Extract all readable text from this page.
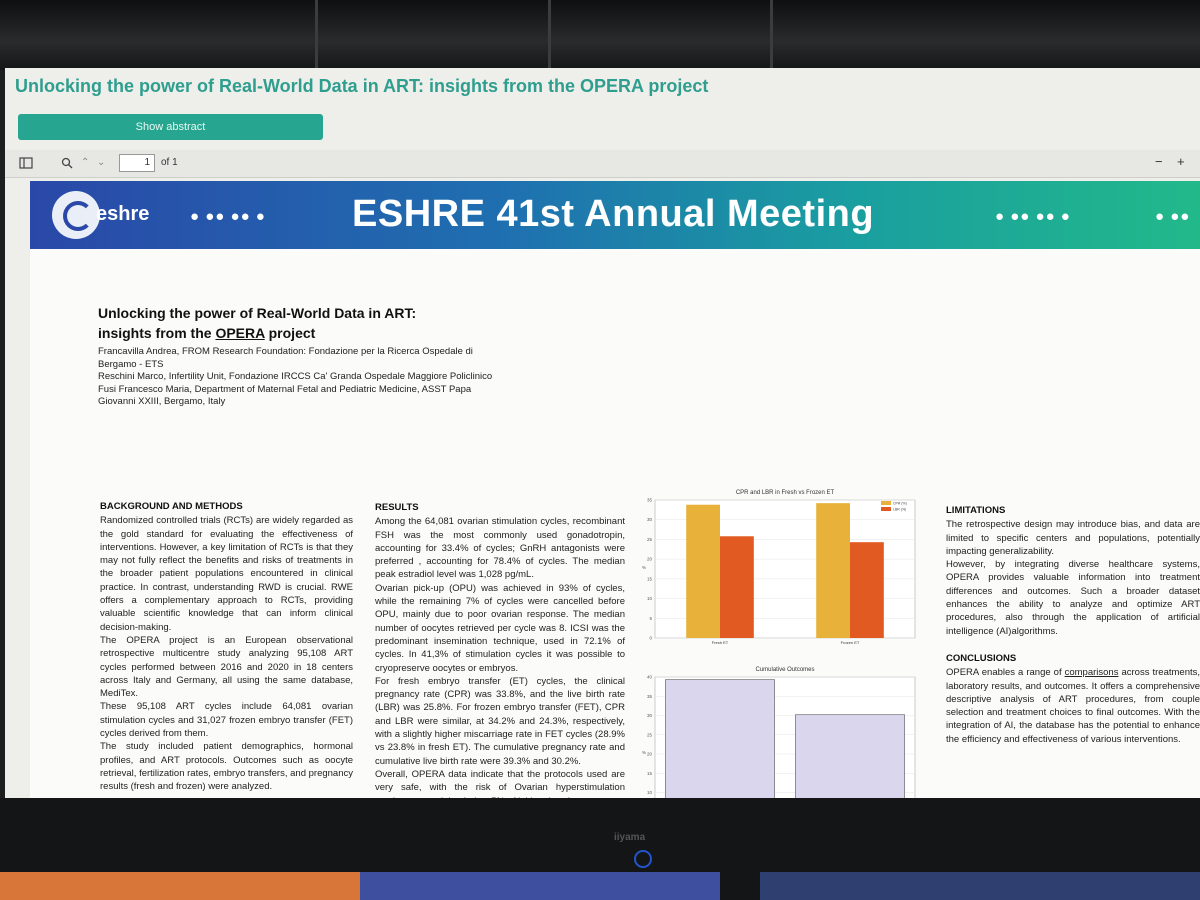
Unlocking the power of Real-World Data in ART: insights from the OPERA project
Show abstract
⌃ ⌄	1	of 1	− +
eshre	● ●● ●● ● ESHRE 41st Annual Meeting	● ●● ●● ●	● ●●
Unlocking the power of Real-World Data in ART:
insights from the OPERA project
Francavilla Andrea, FROM Research Foundation: Fondazione per la Ricerca Ospedale di
Bergamo - ETS
Reschini Marco, Infertility Unit, Fondazione IRCCS Ca' Granda Ospedale Maggiore Policlinico
Fusi Francesco Maria, Department of Maternal Fetal and Pediatric Medicine, ASST Papa
Giovanni XXIII, Bergamo, Italy
BACKGROUND AND METHODS

Randomized controlled trials (RCTs) are widely regarded as the gold standard for evaluating the effectiveness of interventions. However, a key limitation of RCTs is that they may not fully reflect the benefits and risks of treatments in the broader patient populations encountered in clinical practice. In contrast, understanding RWD is crucial. RWE offers a complementary approach to RCTs, providing valuable scientific knowledge that can inform clinical decision-making.

The OPERA project is an European observational retrospective multicentre study analyzing 95,108 ART cycles performed between 2016 and 2020 in 18 centers across Italy and Germany, all using the same database, MediTex.

These 95,108 ART cycles include 64,081 ovarian stimulation cycles and 31,027 frozen embryo transfer (FET) cycles derived from them.

The study included patient demographics, hormonal profiles, and ART protocols. Outcomes such as oocyte retrieval, fertilization rates, embryo transfers, and pregnancy results (fresh and frozen) were analyzed.

RESULTS

Among the 64,081 ovarian stimulation cycles, recombinant FSH was the most commonly used gonadotropin, accounting for 33.4% of cycles; GnRH antagonists were preferred , accounting for 78.4% of cycles. The median peak estradiol level was 1,028 pg/mL.

Ovarian pick-up (OPU) was achieved in 93% of cycles, while the remaining 7% of cycles were cancelled before OPU, mainly due to poor ovarian response. The median number of oocytes retrieved per cycle was 8. ICSI was the predominant insemination technique, used in 72.1% of cycles. In 41,3% of stimulation cycles it was possible to cryopreserve oocytes or embryos.

For fresh embryo transfer (ET) cycles, the clinical pregnancy rate (CPR) was 33.8%, and the live birth rate (LBR) was 25.8%. For frozen embryo transfer (FET), CPR and LBR were similar, at 34.2% and 24.3%, respectively, with a slightly higher miscarriage rate in FET cycles (28.9% vs 23.8% in fresh ET). The cumulative pregnancy rate and cumulative live birth rate were 39.3% and 30.2%.

Overall, OPERA data indicate that the protocols used are very safe, with the risk of Ovarian hyperstimulation

CPR and LBR in Fresh vs Frozen ET
0
5
10
15
20
25
30
35
%
Fresh ET	Frozen ET
CPR (%)
LBR (%)
Cumulative Outcomes
10
15
20
25
30
35
40
%
LIMITATIONS

The retrospective design may introduce bias, and data are limited to specific centers and populations, potentially impacting generalizability.

However, by integrating diverse healthcare systems, OPERA provides valuable information into treatment differences and outcomes. Such a broader dataset enhances the ability to analyze and optimize ART procedures, also through the application of artificial intelligence (AI)algorithms.

CONCLUSIONS

OPERA enables a range of comparisons across treatments, laboratory results, and outcomes. It offers a comprehensive descriptive analysis of ART procedures, from couple selection and treatment choices to final outcomes. With the integration of AI, the database has the potential to enhance the efficiency and effectiveness of various interventions.

iiyama
